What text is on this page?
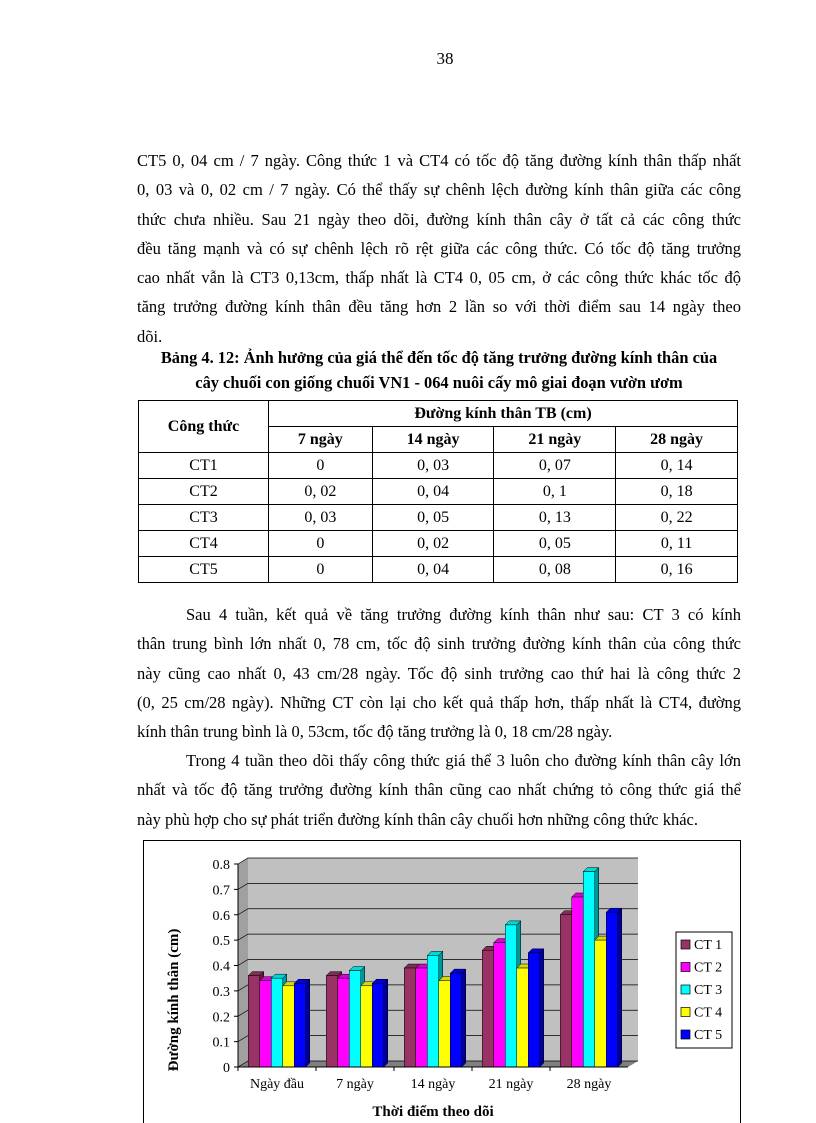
38
CT5 0, 04 cm / 7 ngày. Công thức 1 và CT4 có tốc độ tăng đường kính thân thấp nhất
0, 03 và 0, 02 cm / 7 ngày. Có thể thấy sự chênh lệch đường kính thân giữa các công
thức chưa nhiều. Sau 21 ngày theo dõi, đường kính thân cây ở tất cả các công thức
đều tăng mạnh và có sự chênh lệch rõ rệt giữa các công thức. Có tốc độ tăng trưởng
cao nhất vẫn là CT3 0,13cm, thấp nhất là CT4 0, 05 cm, ở các công thức khác tốc độ
tăng trưởng đường kính thân đều tăng hơn 2 lần so với thời điểm sau 14 ngày theo
dõi.
Bảng 4. 12: Ảnh hưởng của giá thể đến tốc độ tăng trưởng đường kính thân của
cây chuối con giống chuối VN1 - 064 nuôi cấy mô giai đoạn vườn ươm
Công thức	Đường kính thân TB (cm)			
	7 ngày	14 ngày	21 ngày	28 ngày
CT1	0	0, 03	0, 07	0, 14
CT2	0, 02	0, 04	0, 1	0, 18
CT3	0, 03	0, 05	0, 13	0, 22
CT4	0	0, 02	0, 05	0, 11
CT5	0	0, 04	0, 08	0, 16
Sau 4 tuần, kết quả về tăng trưởng đường kính thân như sau: CT 3 có kính
thân trung bình lớn nhất 0, 78 cm, tốc độ sinh trưởng đường kính thân của công thức
này cũng cao nhất 0, 43 cm/28 ngày. Tốc độ sinh trưởng cao thứ hai là công thức 2
(0, 25 cm/28 ngày). Những CT còn lại cho kết quả thấp hơn, thấp nhất là CT4, đường
kính thân trung bình là 0, 53cm, tốc độ tăng trưởng là 0, 18 cm/28 ngày.
Trong 4 tuần theo dõi thấy công thức giá thể 3 luôn cho đường kính thân cây lớn
nhất và tốc độ tăng trưởng đường kính thân cũng cao nhất chứng tỏ công thức giá thể
này phù hợp cho sự phát triển đường kính thân cây chuối hơn những công thức khác.
0
0.1
0.2
0.3
0.4
0.5
0.6
0.7
0.8
Ngày đầu 7 ngày	14 ngày 21 ngày 28 ngày
Đường kính thân (cm)
Thời điểm theo dõi
CT 1
CT 2
CT 3
CT 4
CT 5
